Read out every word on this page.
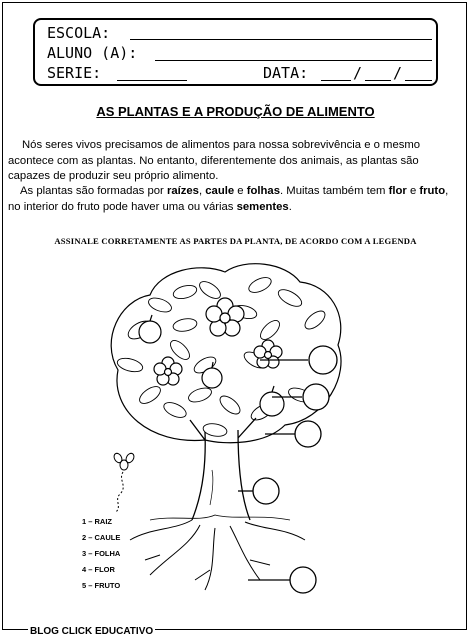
ESCOLA:
ALUNO (A):
SERIE:	DATA:	/ /
AS PLANTAS E A PRODUÇÃO DE ALIMENTO
Nós seres vivos precisamos de alimentos para nossa sobrevivência e o mesmo acontece com as plantas. No entanto, diferentemente dos animais, as plantas são capazes de produzir seu próprio alimento.
As plantas são formadas por raízes, caule e folhas. Muitas também tem flor e fruto, no interior do fruto pode haver uma ou várias sementes.
ASSINALE CORRETAMENTE AS PARTES DA PLANTA, DE ACORDO COM A LEGENDA
1 – RAIZ
2 – CAULE
3 – FOLHA
4 – FLOR
5 – FRUTO
BLOG CLICK EDUCATIVO
